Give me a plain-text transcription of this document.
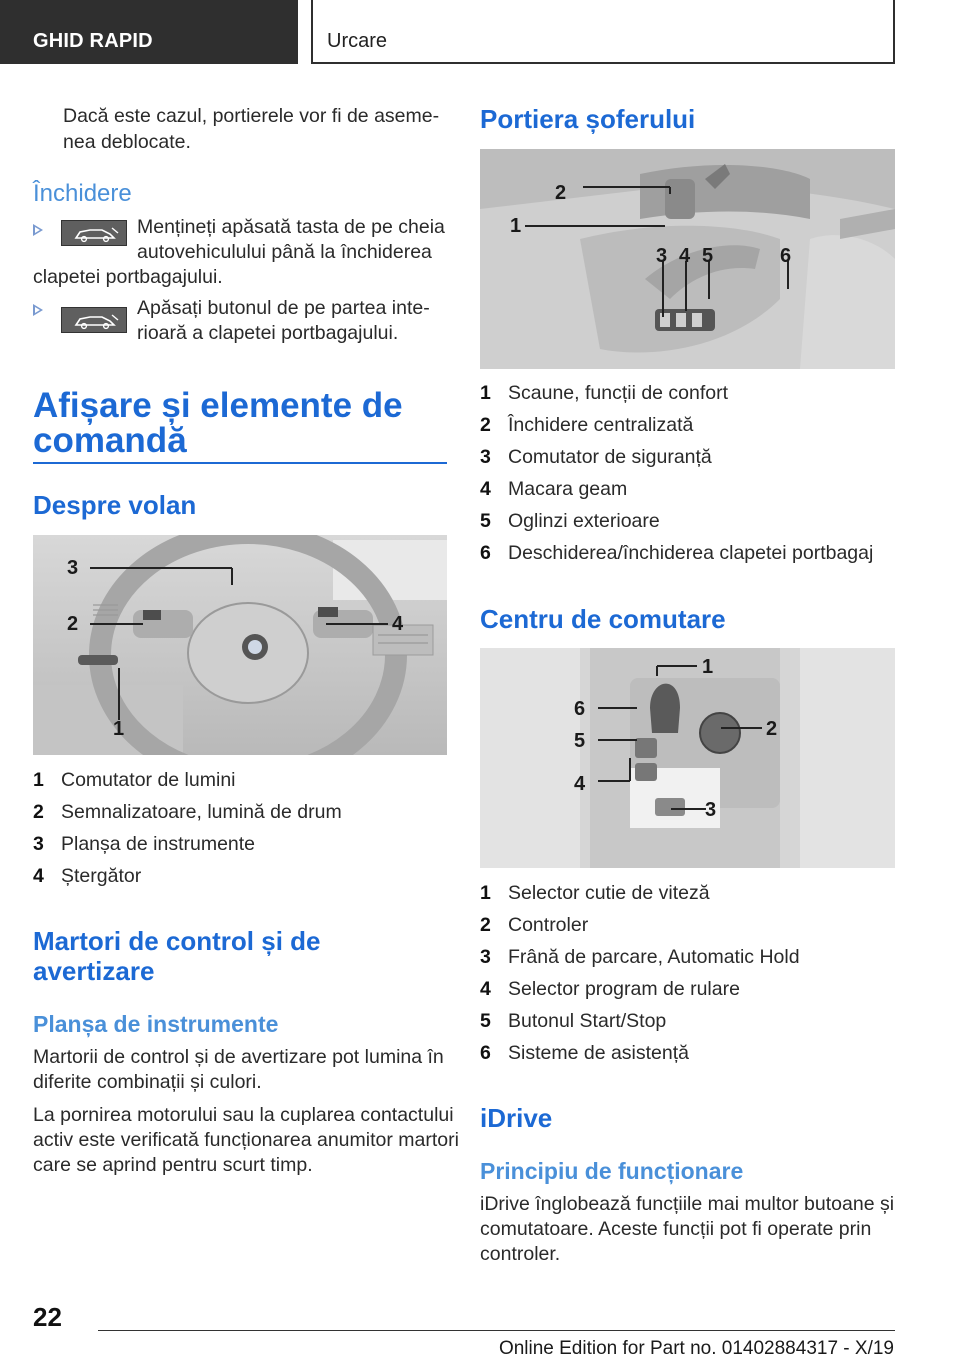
GHID RAPID	Urcare
Dacă este cazul, portierele vor fi de aseme-
nea deblocate.
Închidere
Mențineți apăsată tasta de pe cheia
autovehiculului până la închiderea
clapetei portbagajului.
Apăsați butonul de pe partea inte-
rioară a clapetei portbagajului.
Afișare și elemente de
comandă
Despre volan
3
2	4
1
1 Comutator de lumini
2 Semnalizatoare, lumină de drum
3 Planșa de instrumente
4 Ștergător
Martori de control și de
avertizare
Planșa de instrumente
Martorii de control și de avertizare pot lumina în
diferite combinații și culori.
La pornirea motorului sau la cuplarea contactului
activ este verificată funcționarea anumitor martori
care se aprind pentru scurt timp.
Portiera șoferului
2
1
3 4 5	6
1 Scaune, funcții de confort
2 Închidere centralizată
3 Comutator de siguranță
4 Macara geam
5 Oglinzi exterioare
6 Deschiderea/închiderea clapetei portbagaj
Centru de comutare
1
2
3
4
5
6
1 Selector cutie de viteză
2 Controler
3 Frână de parcare, Automatic Hold
4 Selector program de rulare
5 Butonul Start/Stop
6 Sisteme de asistență
iDrive
Principiu de funcționare
iDrive înglobează funcțiile mai multor butoane și
comutatoare. Aceste funcții pot fi operate prin
controler.
22
Online Edition for Part no. 01402884317 - X/19
